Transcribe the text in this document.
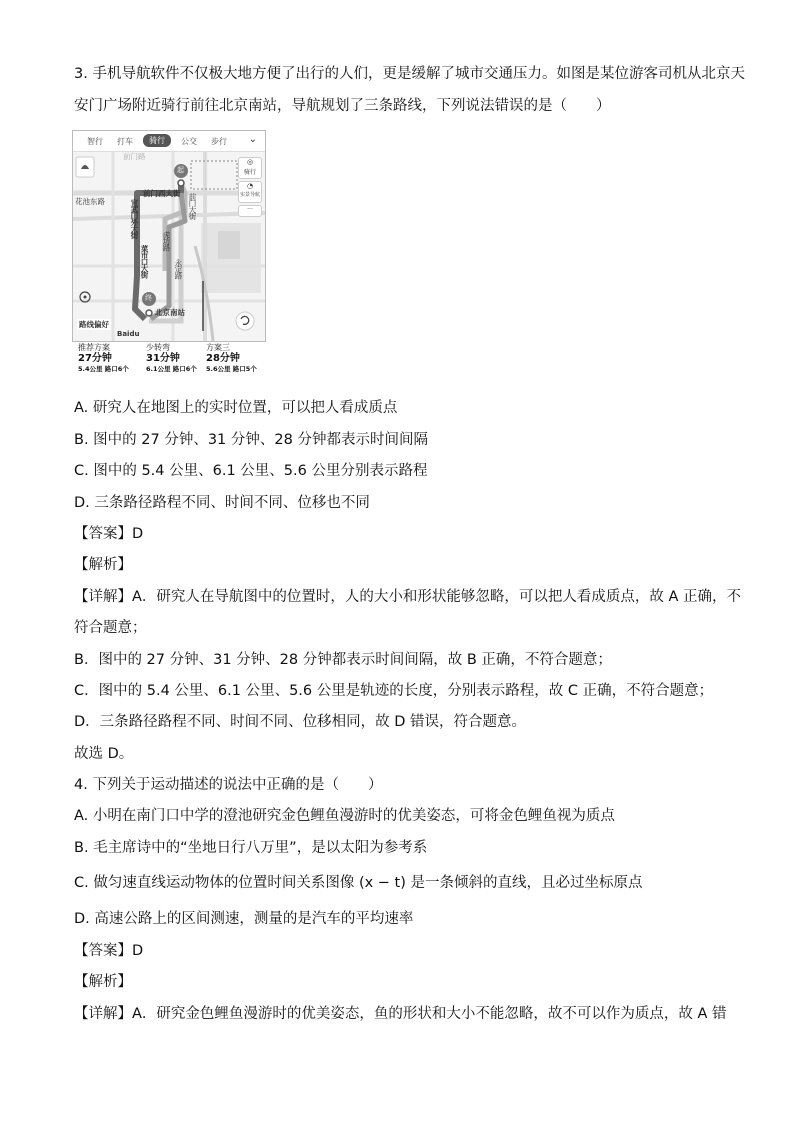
3. 手机导航软件不仅极大地方便了出行的人们，更是缓解了城市交通压力。如图是某位游客司机从北京天
安门广场附近骑行前往北京南站，导航规划了三条路线，下列说法错误的是（　　）
智行 打车	骑行	公交 步行 ⌄
前门路
前门西大街
花池东路	宣武门外大街
菜市口大街
前门大街
虎坊路
永定路
北京南站
起
终
◎
骑行
◔
实景导航
···
路线偏好
Baidu
推荐方案
27分钟
5.4公里 路口6个
少转弯
31分钟
6.1公里 路口6个
方案三
28分钟
5.6公里 路口5个
A. 研究人在地图上的实时位置，可以把人看成质点
B. 图中的 27 分钟、31 分钟、28 分钟都表示时间间隔
C. 图中的 5.4 公里、6.1 公里、5.6 公里分别表示路程
D. 三条路径路程不同、时间不同、位移也不同
【答案】D
【解析】
【详解】A．研究人在导航图中的位置时，人的大小和形状能够忽略，可以把人看成质点，故 A 正确，不
符合题意；
B．图中的 27 分钟、31 分钟、28 分钟都表示时间间隔，故 B 正确，不符合题意；
C．图中的 5.4 公里、6.1 公里、5.6 公里是轨迹的长度，分别表示路程，故 C 正确，不符合题意；
D．三条路径路程不同、时间不同、位移相同，故 D 错误，符合题意。
故选 D。
4. 下列关于运动描述的说法中正确的是（　　）
A. 小明在南门口中学的澄池研究金色鲤鱼漫游时的优美姿态，可将金色鲤鱼视为质点
B. 毛主席诗中的“坐地日行八万里”，是以太阳为参考系
C. 做匀速直线运动物体的位置时间关系图像 (x − t) 是一条倾斜的直线，且必过坐标原点
D. 高速公路上的区间测速，测量的是汽车的平均速率
【答案】D
【解析】
【详解】A．研究金色鲤鱼漫游时的优美姿态，鱼的形状和大小不能忽略，故不可以作为质点，故 A 错
